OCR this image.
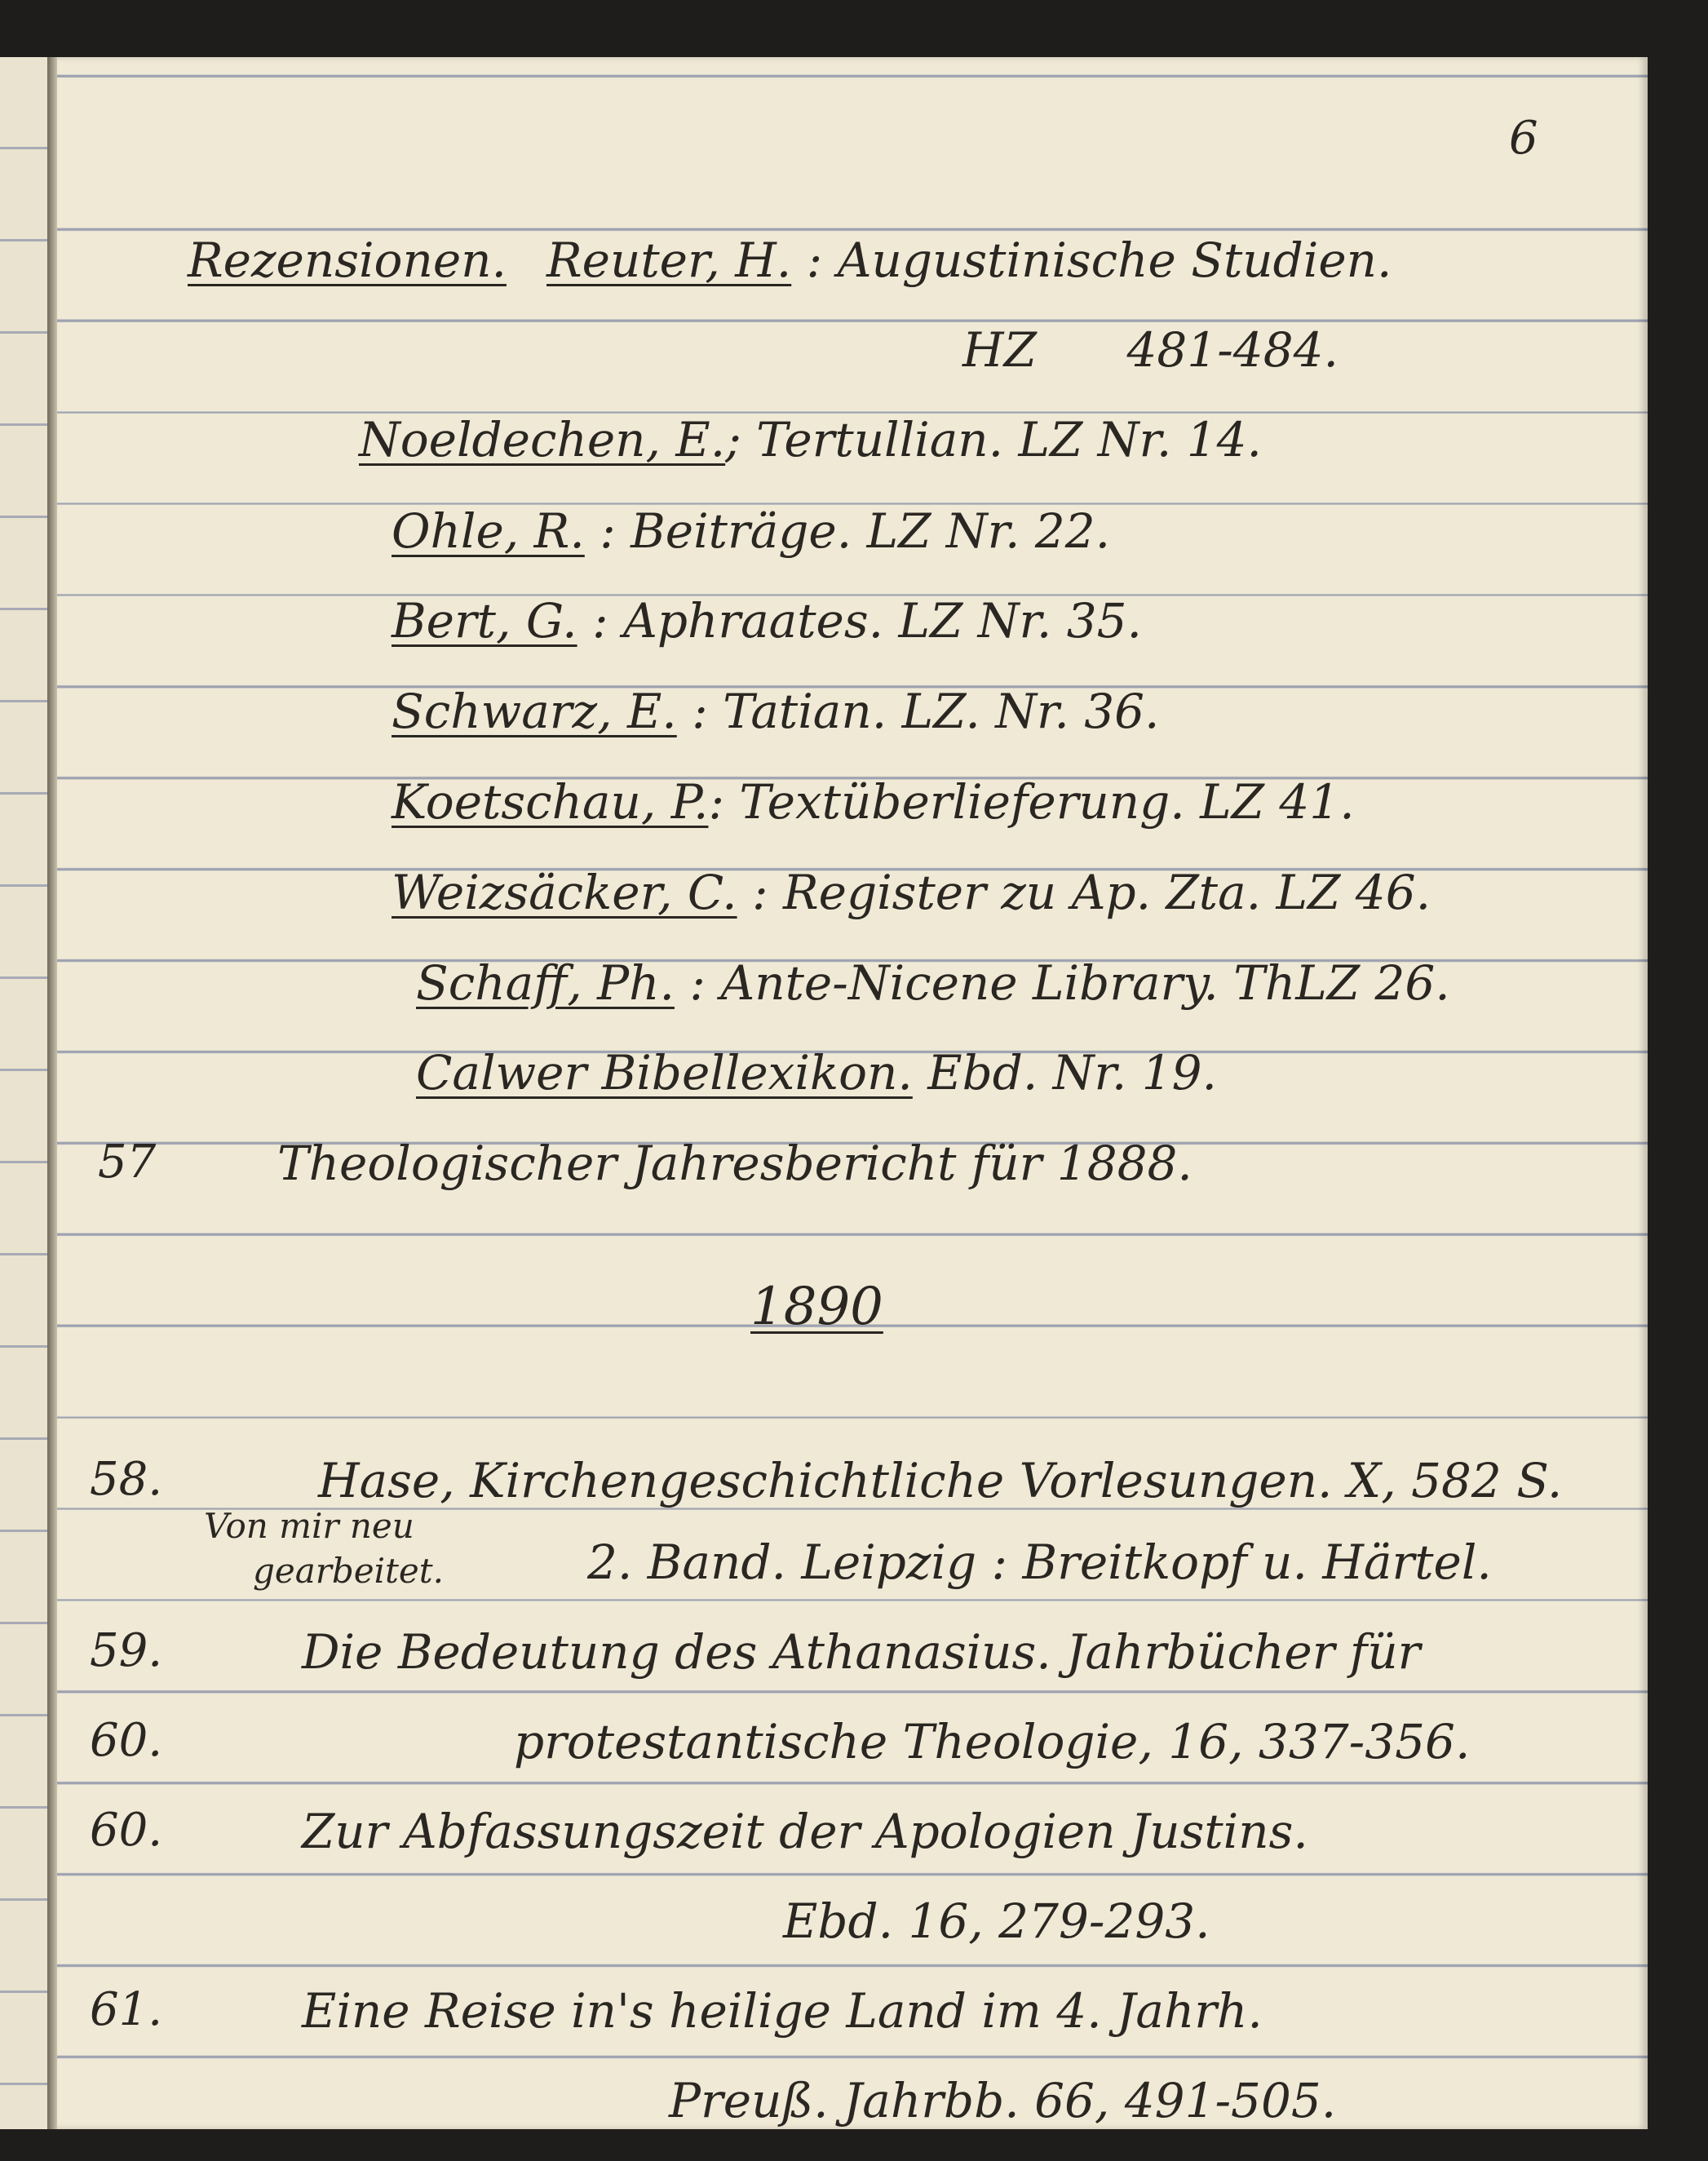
6
Rezensionen. Reuter, H. : Augustinische Studien.
HZ      481-484.
Noeldechen, E.; Tertullian. LZ Nr. 14.
Ohle, R. : Beiträge. LZ Nr. 22.
Bert, G. : Aphraates. LZ Nr. 35.
Schwarz, E. : Tatian. LZ. Nr. 36.
Koetschau, P.: Textüberlieferung. LZ 41.
Weizsäcker, C. : Register zu Ap. Zta. LZ 46.
Schaff, Ph. : Ante-Nicene Library. ThLZ 26.
Calwer Bibellexikon. Ebd. Nr. 19.
57	Theologischer Jahresbericht für 1888.
1890
58.	Hase, Kirchengeschichtliche Vorlesungen. X, 582 S.
Von mir neu
gearbeitet.	2. Band. Leipzig : Breitkopf u. Härtel.
59.	Die Bedeutung des Athanasius. Jahrbücher für
60.	protestantische Theologie, 16, 337-356.
60.	Zur Abfassungszeit der Apologien Justins.
Ebd. 16, 279-293.
61.	Eine Reise in's heilige Land im 4. Jahrh.
Preuß. Jahrbb. 66, 491-505.
